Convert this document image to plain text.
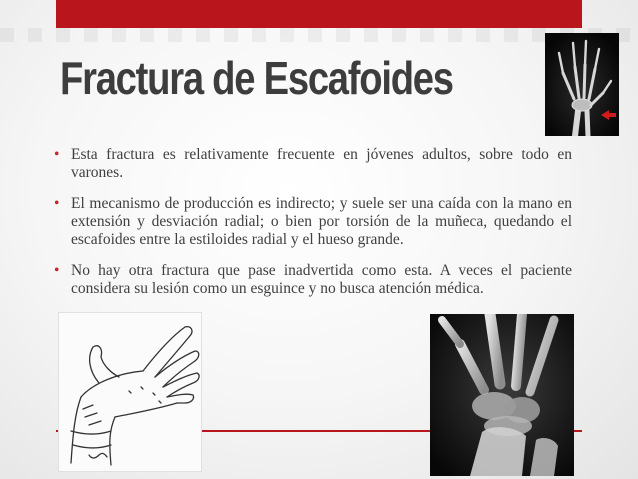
Fractura de Escafoides
• Esta fractura es relativamente frecuente en jóvenes adultos, sobre todo en varones.
• El mecanismo de producción es indirecto; y suele ser una caída con la mano en extensión y desviación radial; o bien por torsión de la muñeca, quedando el escafoides entre la estiloides radial y el hueso grande.
• No hay otra fractura que pase inadvertida como esta. A veces el paciente considera su lesión como un esguince y no busca atención médica.
